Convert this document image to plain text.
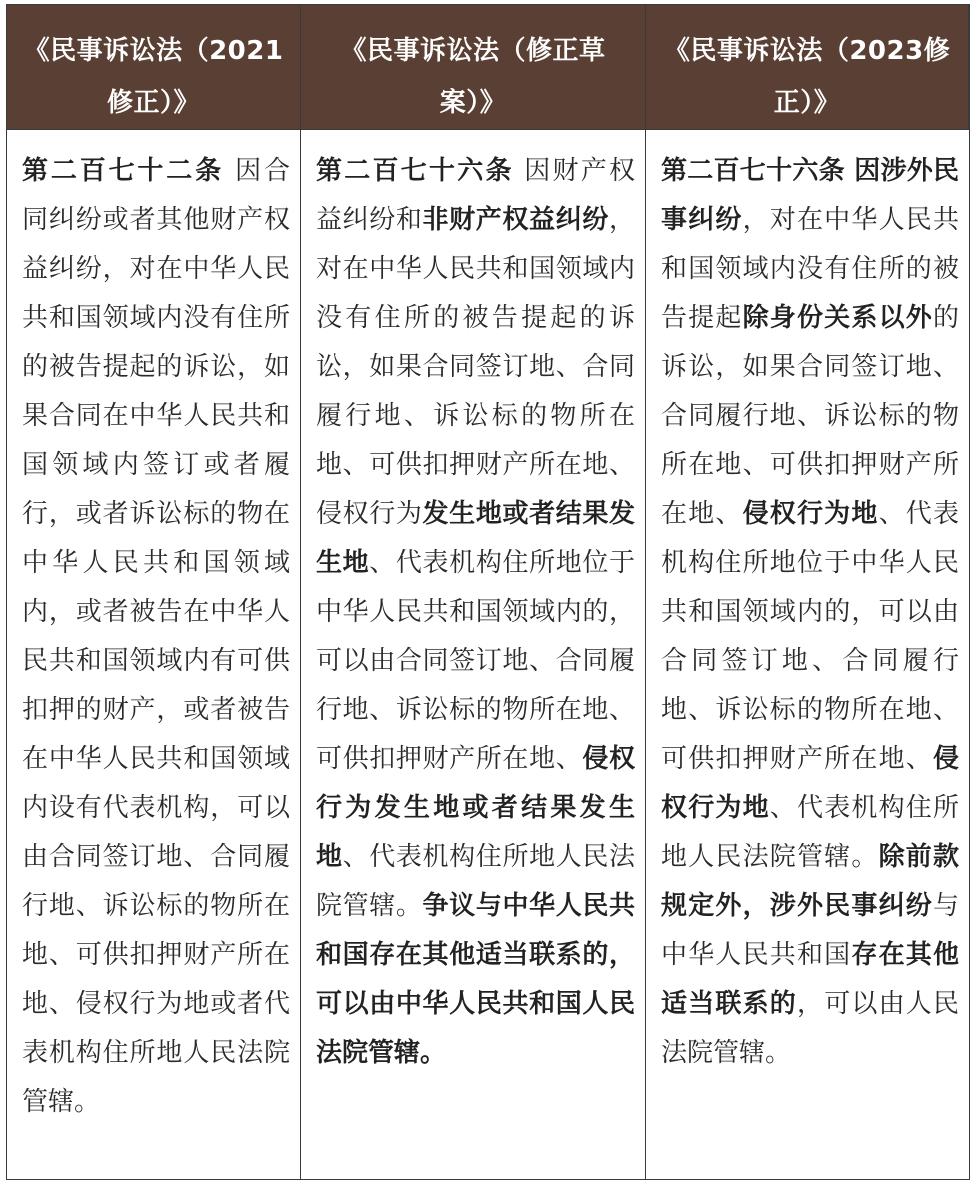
《民事诉讼法（2021修正）》
《民事诉讼法（修正草案）》
《民事诉讼法（2023修正）》
第二百七十二条 因合同纠纷或者其他财产权益纠纷，对在中华人民共和国领域内没有住所的被告提起的诉讼，如果合同在中华人民共和国领域内签订或者履行，或者诉讼标的物在中华人民共和国领域内，或者被告在中华人民共和国领域内有可供扣押的财产，或者被告在中华人民共和国领域内设有代表机构，可以由合同签订地、合同履行地、诉讼标的物所在地、可供扣押财产所在地、侵权行为地或者代表机构住所地人民法院管辖。
第二百七十六条 因财产权益纠纷和非财产权益纠纷，对在中华人民共和国领域内没有住所的被告提起的诉讼，如果合同签订地、合同履行地、诉讼标的物所在地、可供扣押财产所在地、侵权行为发生地或者结果发生地、代表机构住所地位于中华人民共和国领域内的，可以由合同签订地、合同履行地、诉讼标的物所在地、可供扣押财产所在地、侵权行为发生地或者结果发生地、代表机构住所地人民法院管辖。争议与中华人民共和国存在其他适当联系的，可以由中华人民共和国人民法院管辖。
第二百七十六条 因涉外民事纠纷，对在中华人民共和国领域内没有住所的被告提起除身份关系以外的诉讼，如果合同签订地、合同履行地、诉讼标的物所在地、可供扣押财产所在地、侵权行为地、代表机构住所地位于中华人民共和国领域内的，可以由合同签订地、合同履行地、诉讼标的物所在地、可供扣押财产所在地、侵权行为地、代表机构住所地人民法院管辖。除前款规定外，涉外民事纠纷与中华人民共和国存在其他适当联系的，可以由人民法院管辖。
